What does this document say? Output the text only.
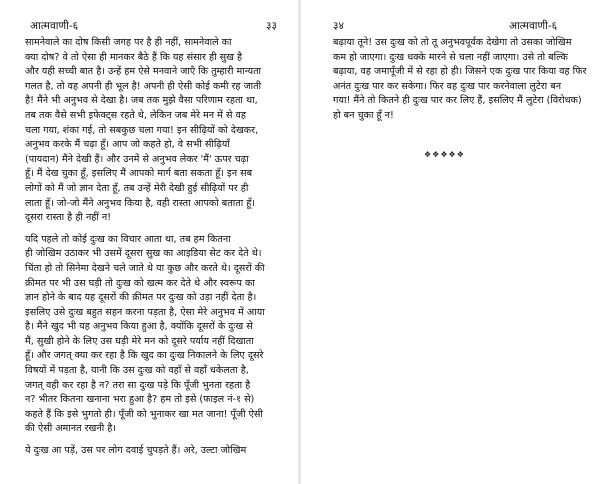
आत्मवाणी-६	३३
सामनेवाले का दोष किसी जगह पर है ही नहीं, सामनेवाले का
क्या दोष? वे तो ऐसा ही मानकर बैठे हैं कि यह संसार ही सुख है
और यही सच्ची बात है। उन्हें हम ऐसे मनवाने जाएँ कि तुम्हारी मान्यता
गलत है, तो वह अपनी ही भूल है! अपनी ही ऐसी कोई कमी रह जाती
है! मैंने भी अनुभव से देखा है। जब तक मुझे वैसा परिणाम रहता था,
तब तक वैसे सभी इफेक्ट्स रहते थे, लेकिन जब मेरे मन में से वह
चला गया, शंका गई, तो सबकुछ चला गया! इन सीढ़ियों को देखकर,
अनुभव करके मैं चढ़ा हूँ। आप जो कहते हो, वे सभी सीढ़ियाँ
(पायदान) मैंने देखी हैं। और उनमें से अनुभव लेकर 'मैं' ऊपर चढ़ा
हूँ। मैं देख चुका हूँ, इसलिए मैं आपको मार्ग बता सकता हूँ। इन सब
लोगों को मैं जो ज्ञान देता हूँ, तब उन्हें मेरी देखी हुई सीढ़ियों पर ही
लाता हूँ। जो-जो मैंने अनुभव किया है, वही रास्ता आपको बताता हूँ।
दूसरा रास्ता है ही नहीं न!
यदि पहले तो कोई दुःख का विचार आता था, तब हम कितना
ही जोखिम उठाकर भी उसमें दूसरा सुख का आइडिया सेट कर देते थे।
चिंता हो तो सिनेमा देखने चले जाते थे या कुछ और करते थे। दूसरों की
क़ीमत पर भी उस घड़ी तो दुःख को खत्म कर देते थे और स्वरूप का
ज्ञान होने के बाद यह दूसरों की क़ीमत पर दुःख को उड़ा नहीं देता है।
इसलिए उसे दुःख बहुत सहन करना पड़ता है, ऐसा मेरे अनुभव में आया
है। मैंने खुद भी यह अनुभव किया हुआ है, क्योंकि दूसरों के दुःख से
मैं, सुखी होने के लिए उस घड़ी मेरे मन को दूसरे पर्याय नहीं दिखाता
हूँ। और जगत् क्या कर रहा है कि खुद का दुःख निकालने के लिए दूसरे
विषयों में पड़ता है, यानी कि उस दुःख को वहाँ से वहाँ धकेलता है,
जगत् वही कर रहा है न? तरा सा दुःख पड़े कि पूँजी भुनता रहता है
न? भीतर कितना खनाना भरा हुआ है? हम तो इसे (फाइल नं-१ से)
कहते हैं कि इसे भुगतो ही। पूँजी को भुनाकर खा मत जाना! पूँजी ऐसी
की ऐसी अमानत रखनी है।
ये दुःख आ पड़ें, उस पर लोग दवाई चुपड़ते हैं। अरे, उल्टा जोखिम
३४	आत्मवाणी-६
बढ़ाया तूने! उस दुःख को तो तू अनुभवपूर्वक देखेगा तो उसका जोखिम
कम हो जाएगा। दुःख धक्के मारने से चला नहीं जाएगा। उसे तो बल्कि
बढ़ाया, वह जमापूँजी में से रहा हो ही। जिसने एक दुःख पार किया वह फिर
अनंत दुःख पार कर सकेगा। फिर वह दुःख पार करनेवाला लुटेरा बन
गया! मैंने तो कितने ही दुःख पार कर लिए हैं, इसलिए मैं लुटेरा (विरोधक)
हो बन चुका हूँ न!
❖❖❖❖❖
